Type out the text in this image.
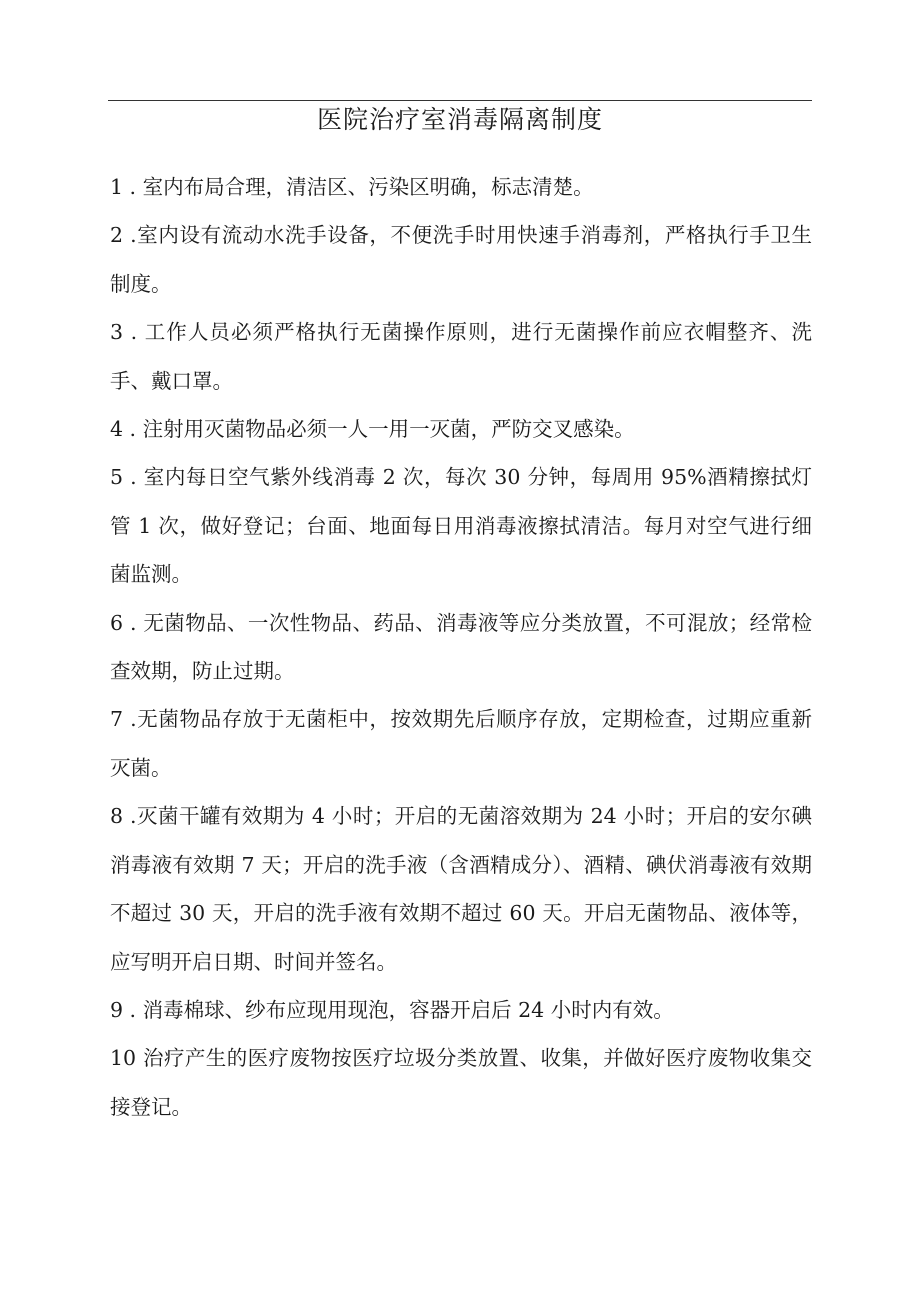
医院治疗室消毒隔离制度

1 . 室内布局合理，清洁区、污染区明确，标志清楚。

2 .室内设有流动水洗手设备，不便洗手时用快速手消毒剂，严格执行手卫生制度。

3 . 工作人员必须严格执行无菌操作原则，进行无菌操作前应衣帽整齐、洗手、戴口罩。

4 . 注射用灭菌物品必须一人一用一灭菌，严防交叉感染。

5 . 室内每日空气紫外线消毒 2 次，每次 30 分钟，每周用 95%酒精擦拭灯管 1 次，做好登记；台面、地面每日用消毒液擦拭清洁。每月对空气进行细菌监测。

6 . 无菌物品、一次性物品、药品、消毒液等应分类放置，不可混放；经常检查效期，防止过期。

7 .无菌物品存放于无菌柜中，按效期先后顺序存放，定期检查，过期应重新灭菌。

8 .灭菌干罐有效期为 4 小时；开启的无菌溶效期为 24 小时；开启的安尔碘消毒液有效期 7 天；开启的洗手液（含酒精成分）、酒精、碘伏消毒液有效期不超过 30 天，开启的洗手液有效期不超过 60 天。开启无菌物品、液体等，应写明开启日期、时间并签名。

9 . 消毒棉球、纱布应现用现泡，容器开启后 24 小时内有效。

10 治疗产生的医疗废物按医疗垃圾分类放置、收集，并做好医疗废物收集交接登记。
